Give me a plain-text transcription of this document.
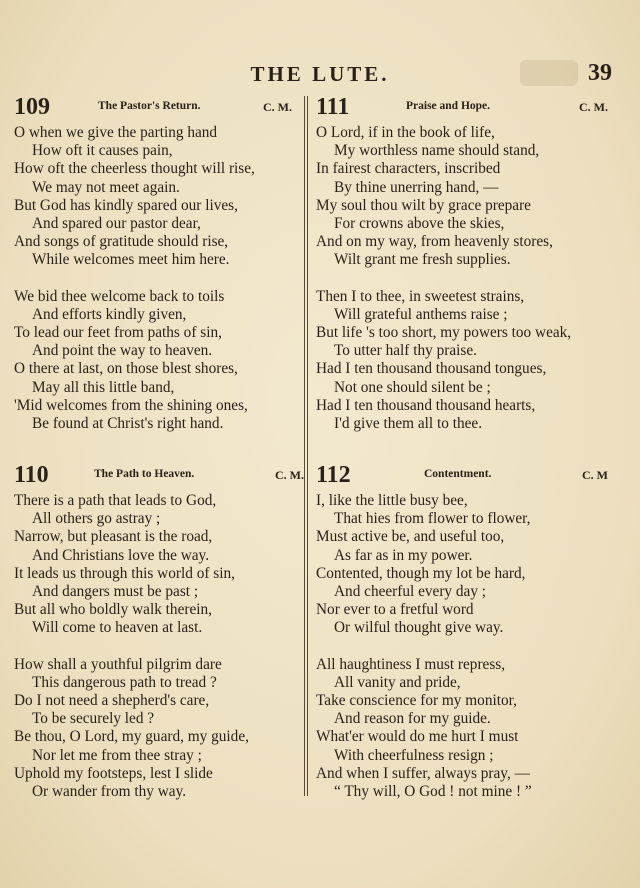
THE LUTE.	39
109	The Pastor's Return.	C. M.
O when we give the parting hand
How oft it causes pain,
How oft the cheerless thought will rise,
We may not meet again.
But God has kindly spared our lives,
And spared our pastor dear,
And songs of gratitude should rise,
While welcomes meet him here.
We bid thee welcome back to toils
And efforts kindly given,
To lead our feet from paths of sin,
And point the way to heaven.
O there at last, on those blest shores,
May all this little band,
'Mid welcomes from the shining ones,
Be found at Christ's right hand.
110	The Path to Heaven.	C. M.
There is a path that leads to God,
All others go astray ;
Narrow, but pleasant is the road,
And Christians love the way.
It leads us through this world of sin,
And dangers must be past ;
But all who boldly walk therein,
Will come to heaven at last.
How shall a youthful pilgrim dare
This dangerous path to tread ?
Do I not need a shepherd's care,
To be securely led ?
Be thou, O Lord, my guard, my guide,
Nor let me from thee stray ;
Uphold my footsteps, lest I slide
Or wander from thy way.
111	Praise and Hope.	C. M.
O Lord, if in the book of life,
My worthless name should stand,
In fairest characters, inscribed
By thine unerring hand, —
My soul thou wilt by grace prepare
For crowns above the skies,
And on my way, from heavenly stores,
Wilt grant me fresh supplies.
Then I to thee, in sweetest strains,
Will grateful anthems raise ;
But life 's too short, my powers too weak,
To utter half thy praise.
Had I ten thousand thousand tongues,
Not one should silent be ;
Had I ten thousand thousand hearts,
I'd give them all to thee.
112	Contentment.	C. M
I, like the little busy bee,
That hies from flower to flower,
Must active be, and useful too,
As far as in my power.
Contented, though my lot be hard,
And cheerful every day ;
Nor ever to a fretful word
Or wilful thought give way.
All haughtiness I must repress,
All vanity and pride,
Take conscience for my monitor,
And reason for my guide.
What'er would do me hurt I must
With cheerfulness resign ;
And when I suffer, always pray, —
“ Thy will, O God ! not mine ! ”
